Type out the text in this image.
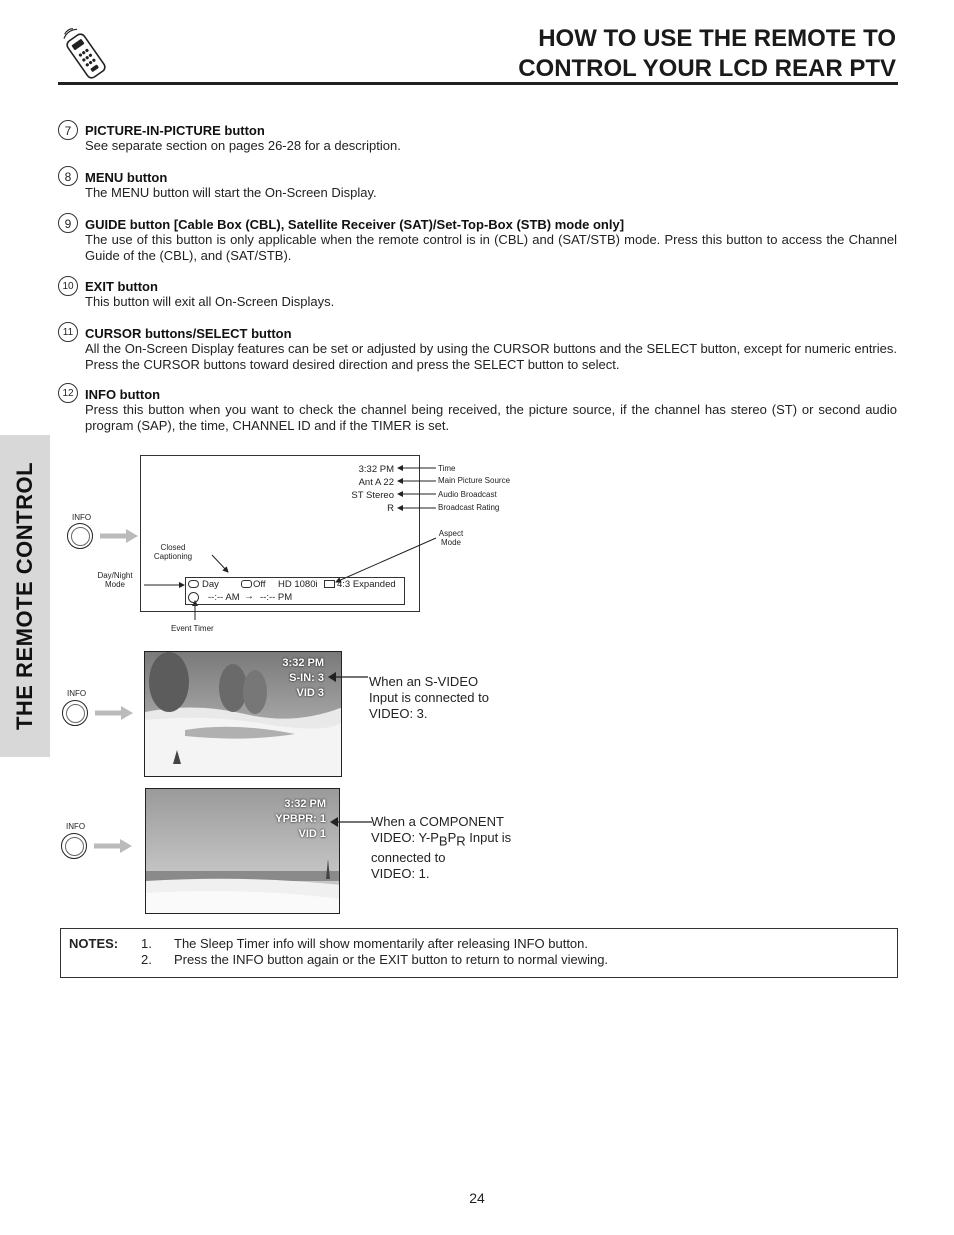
HOW TO USE THE REMOTE TO
CONTROL YOUR LCD REAR PTV
THE REMOTE CONTROL
7	PICTURE-IN-PICTURE button
See separate section on pages 26-28 for a description.
8	MENU button
The MENU button will start the On-Screen Display.
9	GUIDE button [Cable Box (CBL), Satellite Receiver (SAT)/Set-Top-Box (STB) mode only]
The use of this button is only applicable when the remote control is in (CBL) and (SAT/STB) mode. Press this button to access the Channel Guide of the (CBL), and (SAT/STB).
10 EXIT button
This button will exit all On-Screen Displays.
11 CURSOR buttons/SELECT button
All the On-Screen Display features can be set or adjusted by using the CURSOR buttons and the SELECT button, except for numeric entries. Press the CURSOR buttons toward desired direction and press the SELECT button to select.
12 INFO button
Press this button when you want to check the channel being received, the picture source, if the channel has stereo (ST) or second audio program (SAP), the time, CHANNEL ID and if the TIMER is set.
INFO
3:32 PM
Ant A 22
ST Stereo
R
Time
Main Picture Source
Audio Broadcast
Broadcast Rating
Aspect
Mode
Closed
Captioning
Day/Night
Mode
Event Timer
Day	Off HD 1080i 4:3 Expanded
--:-- AM → --:-- PM
INFO
3:32 PM
S-IN: 3
VID 3
When an S-VIDEO
Input is connected to
VIDEO: 3.
INFO
3:32 PM
YPBPR: 1
VID 1
When a COMPONENT
VIDEO: $Y-P_BP_R$ Input is
connected to
VIDEO: 1.
NOTES: 1. The Sleep Timer info will show momentarily after releasing INFO button.
2. Press the INFO button again or the EXIT button to return to normal viewing.
24
